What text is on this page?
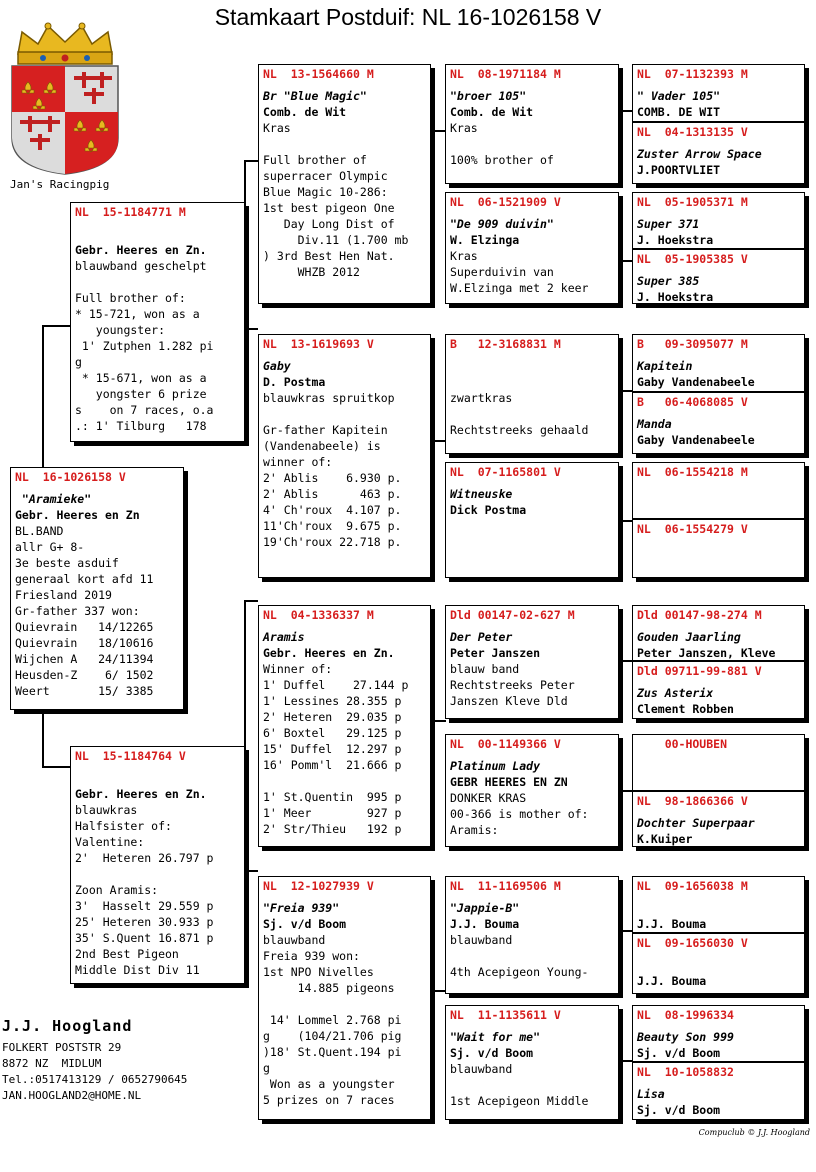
Stamkaart Postduif: NL 16-1026158 V
Jan's Racingpig
NL  16-1026158 V
"Aramieke"
Gebr. Heeres en Zn
BL.BAND
allr G+ 8-
3e beste asduif
generaal kort afd 11
Friesland 2019
Gr-father 337 won:
Quievrain   14/12265
Quievrain   18/10616
Wijchen A   24/11394
Heusden-Z    6/ 1502
Weert       15/ 3385
NL  15-1184771 M

Gebr. Heeres en Zn.
blauwband geschelpt

Full brother of:
* 15-721, won as a
youngster:
1' Zutphen 1.282 pi
g
* 15-671, won as a
yongster 6 prize
s    on 7 races, o.a
.: 1' Tilburg   178
NL  15-1184764 V

Gebr. Heeres en Zn.
blauwkras
Halfsister of:
Valentine:
2'  Heteren 26.797 p

Zoon Aramis:
3'  Hasselt 29.559 p
25' Heteren 30.933 p
35' S.Quent 16.871 p
2nd Best Pigeon
Middle Dist Div 11
NL  13-1564660 M
Br "Blue Magic"
Comb. de Wit
Kras

Full brother of
superracer Olympic
Blue Magic 10-286:
1st best pigeon One
Day Long Dist of
Div.11 (1.700 mb
) 3rd Best Hen Nat.
WHZB 2012
NL  13-1619693 V
Gaby
D. Postma
blauwkras spruitkop

Gr-father Kapitein
(Vandenabeele) is
winner of:
2' Ablis    6.930 p.
2' Ablis      463 p.
4' Ch'roux  4.107 p.
11'Ch'roux  9.675 p.
19'Ch'roux 22.718 p.
NL  04-1336337 M
Aramis
Gebr. Heeres en Zn.
Winner of:
1' Duffel    27.144 p
1' Lessines 28.355 p
2' Heteren  29.035 p
6' Boxtel   29.125 p
15' Duffel  12.297 p
16' Pomm'l  21.666 p

1' St.Quentin  995 p
1' Meer        927 p
2' Str/Thieu   192 p
NL  12-1027939 V
"Freia 939"
Sj. v/d Boom
blauwband
Freia 939 won:
1st NPO Nivelles
14.885 pigeons

14' Lommel 2.768 pi
g    (104/21.706 pig
)18' St.Quent.194 pi
g
Won as a youngster
5 prizes on 7 races
NL  08-1971184 M
"broer 105"
Comb. de Wit
Kras

100% brother of
NL  06-1521909 V
"De 909 duivin"
W. Elzinga
Kras
Superduivin van
W.Elzinga met 2 keer
B   12-3168831 M

zwartkras

Rechtstreeks gehaald
NL  07-1165801 V
Witneuske
Dick Postma
Dld 00147-02-627 M
Der Peter
Peter Janszen
blauw band
Rechtstreeks Peter
Janszen Kleve Dld
NL  00-1149366 V
Platinum Lady
GEBR HEERES EN ZN
DONKER KRAS
00-366 is mother of:
Aramis:
NL  11-1169506 M
"Jappie-B"
J.J. Bouma
blauwband

4th Acepigeon Young-
NL  11-1135611 V
"Wait for me"
Sj. v/d Boom
blauwband

1st Acepigeon Middle
NL  07-1132393 M
" Vader 105"
COMB. DE WIT
NL  04-1313135 V
Zuster Arrow Space
J.POORTVLIET
NL  05-1905371 M
Super 371
J. Hoekstra
NL  05-1905385 V
Super 385
J. Hoekstra
B   09-3095077 M
Kapitein
Gaby Vandenabeele
B   06-4068085 V
Manda
Gaby Vandenabeele
NL  06-1554218 M
NL  06-1554279 V
Dld 00147-98-274 M
Gouden Jaarling
Peter Janszen, Kleve
Dld 09711-99-881 V
Zus Asterix
Clement Robben
00-HOUBEN
NL  98-1866366 V
Dochter Superpaar
K.Kuiper
NL  09-1656038 M

J.J. Bouma
NL  09-1656030 V

J.J. Bouma
NL  08-1996334
Beauty Son 999
Sj. v/d Boom
NL  10-1058832
Lisa
Sj. v/d Boom
J.J. Hoogland
FOLKERT POSTSTR 29
8872 NZ  MIDLUM
Tel.:0517413129 / 0652790645
JAN.HOOGLAND2@HOME.NL
Compuclub © J.J. Hoogland
